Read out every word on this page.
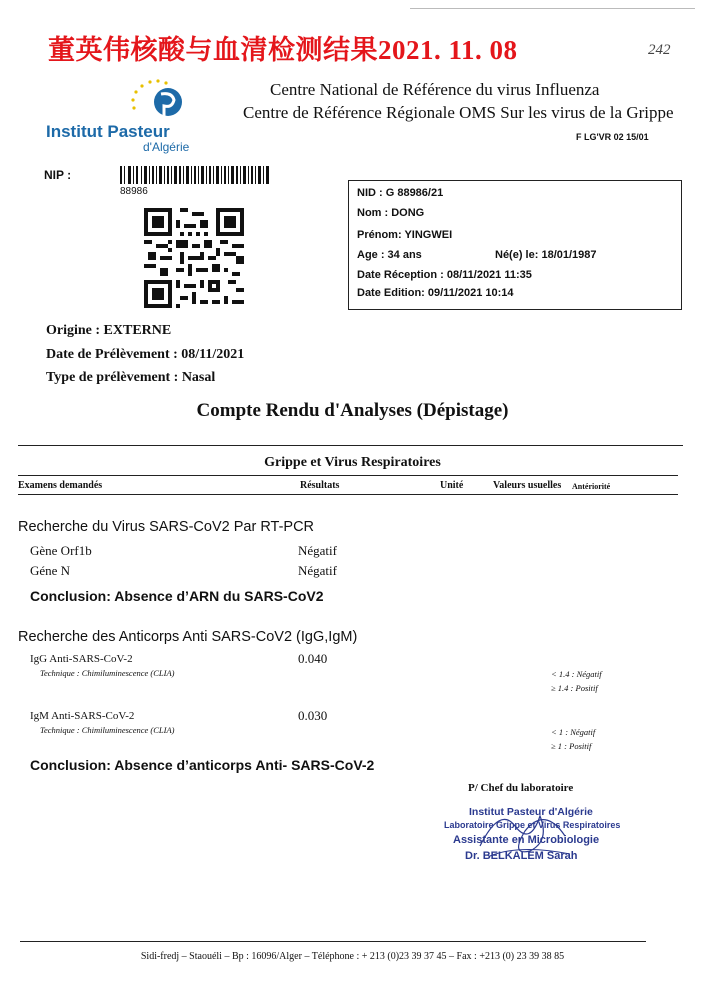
董英伟核酸与血清检测结果2021. 11. 08	242
Institut Pasteur
d'Algérie
Centre National de Référence du virus Influenza
Centre de Référence Régionale OMS Sur les virus de la Grippe
F LG'VR 02 15/01
NIP :
88986	NID : G 88986/21
Nom : DONG
Prénom: YINGWEI
Age : 34 ans	Né(e) le: 18/01/1987
Date Réception : 08/11/2021 11:35
Date Edition: 09/11/2021 10:14
Origine : EXTERNE
Date de Prélèvement : 08/11/2021
Type de prélèvement : Nasal
Compte Rendu d'Analyses (Dépistage)
Grippe et Virus Respiratoires
Examens demandés	Résultats	Unité	Valeurs usuelles Antériorité
Recherche du Virus SARS-CoV2 Par RT-PCR
Gène Orf1b	Négatif
Géne N	Négatif
Conclusion: Absence d’ARN du SARS-CoV2
Recherche des Anticorps Anti SARS-CoV2 (IgG,IgM)
IgG Anti-SARS-CoV-2	0.040
Technique : Chimiluminescence (CLIA)	< 1.4 : Négatif
≥ 1.4 : Positif
IgM Anti-SARS-CoV-2	0.030
Technique : Chimiluminescence (CLIA)	< 1 : Négatif
≥ 1 : Positif
Conclusion: Absence d’anticorps Anti- SARS-CoV-2
P/ Chef du laboratoire
Institut Pasteur d'Algérie
Laboratoire Grippe et Virus Respiratoires
Assistante en Microbiologie
Dr. BELKALEM Sarah
Sidi-fredj – Staouéli – Bp : 16096/Alger – Téléphone : + 213 (0)23 39 37 45 – Fax : +213 (0) 23 39 38 85
